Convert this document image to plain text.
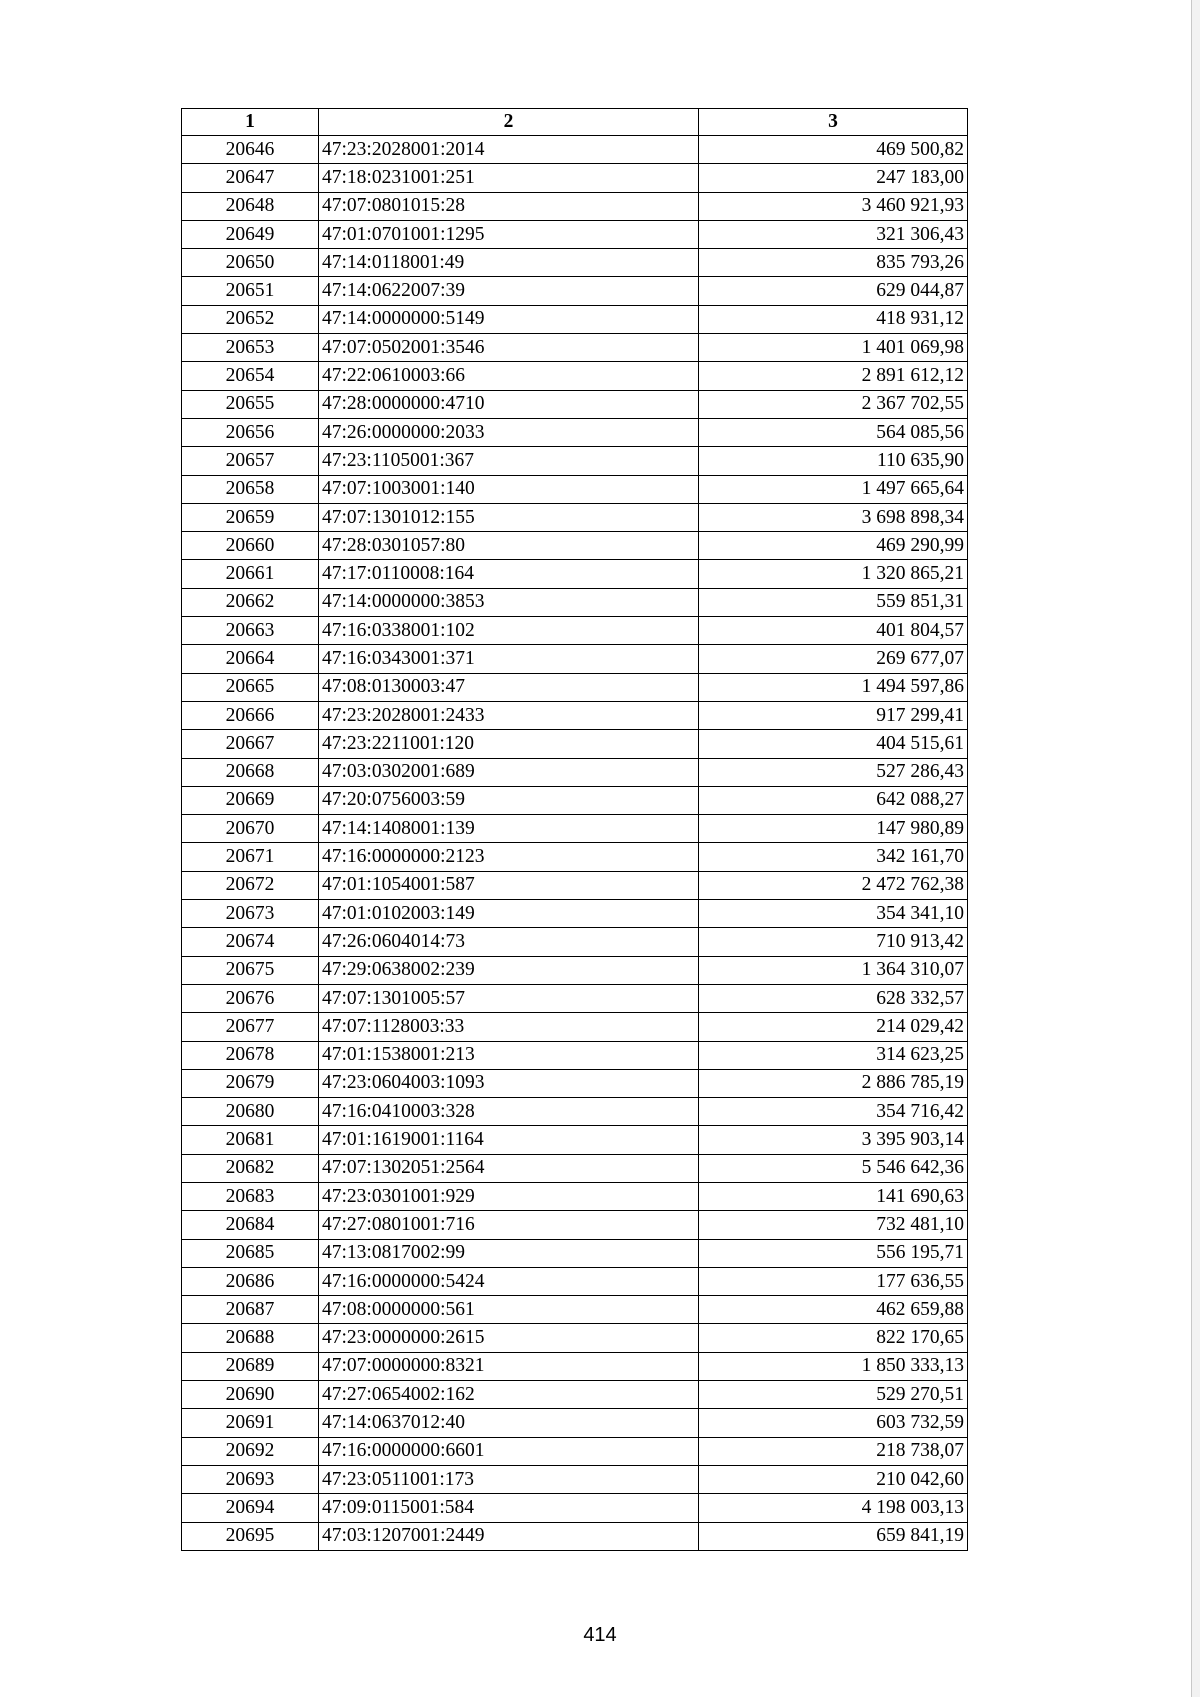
1	2	3
20646	47:23:2028001:2014	469 500,82
20647	47:18:0231001:251	247 183,00
20648	47:07:0801015:28	3 460 921,93
20649	47:01:0701001:1295	321 306,43
20650	47:14:0118001:49	835 793,26
20651	47:14:0622007:39	629 044,87
20652	47:14:0000000:5149	418 931,12
20653	47:07:0502001:3546	1 401 069,98
20654	47:22:0610003:66	2 891 612,12
20655	47:28:0000000:4710	2 367 702,55
20656	47:26:0000000:2033	564 085,56
20657	47:23:1105001:367	110 635,90
20658	47:07:1003001:140	1 497 665,64
20659	47:07:1301012:155	3 698 898,34
20660	47:28:0301057:80	469 290,99
20661	47:17:0110008:164	1 320 865,21
20662	47:14:0000000:3853	559 851,31
20663	47:16:0338001:102	401 804,57
20664	47:16:0343001:371	269 677,07
20665	47:08:0130003:47	1 494 597,86
20666	47:23:2028001:2433	917 299,41
20667	47:23:2211001:120	404 515,61
20668	47:03:0302001:689	527 286,43
20669	47:20:0756003:59	642 088,27
20670	47:14:1408001:139	147 980,89
20671	47:16:0000000:2123	342 161,70
20672	47:01:1054001:587	2 472 762,38
20673	47:01:0102003:149	354 341,10
20674	47:26:0604014:73	710 913,42
20675	47:29:0638002:239	1 364 310,07
20676	47:07:1301005:57	628 332,57
20677	47:07:1128003:33	214 029,42
20678	47:01:1538001:213	314 623,25
20679	47:23:0604003:1093	2 886 785,19
20680	47:16:0410003:328	354 716,42
20681	47:01:1619001:1164	3 395 903,14
20682	47:07:1302051:2564	5 546 642,36
20683	47:23:0301001:929	141 690,63
20684	47:27:0801001:716	732 481,10
20685	47:13:0817002:99	556 195,71
20686	47:16:0000000:5424	177 636,55
20687	47:08:0000000:561	462 659,88
20688	47:23:0000000:2615	822 170,65
20689	47:07:0000000:8321	1 850 333,13
20690	47:27:0654002:162	529 270,51
20691	47:14:0637012:40	603 732,59
20692	47:16:0000000:6601	218 738,07
20693	47:23:0511001:173	210 042,60
20694	47:09:0115001:584	4 198 003,13
20695	47:03:1207001:2449	659 841,19
414
